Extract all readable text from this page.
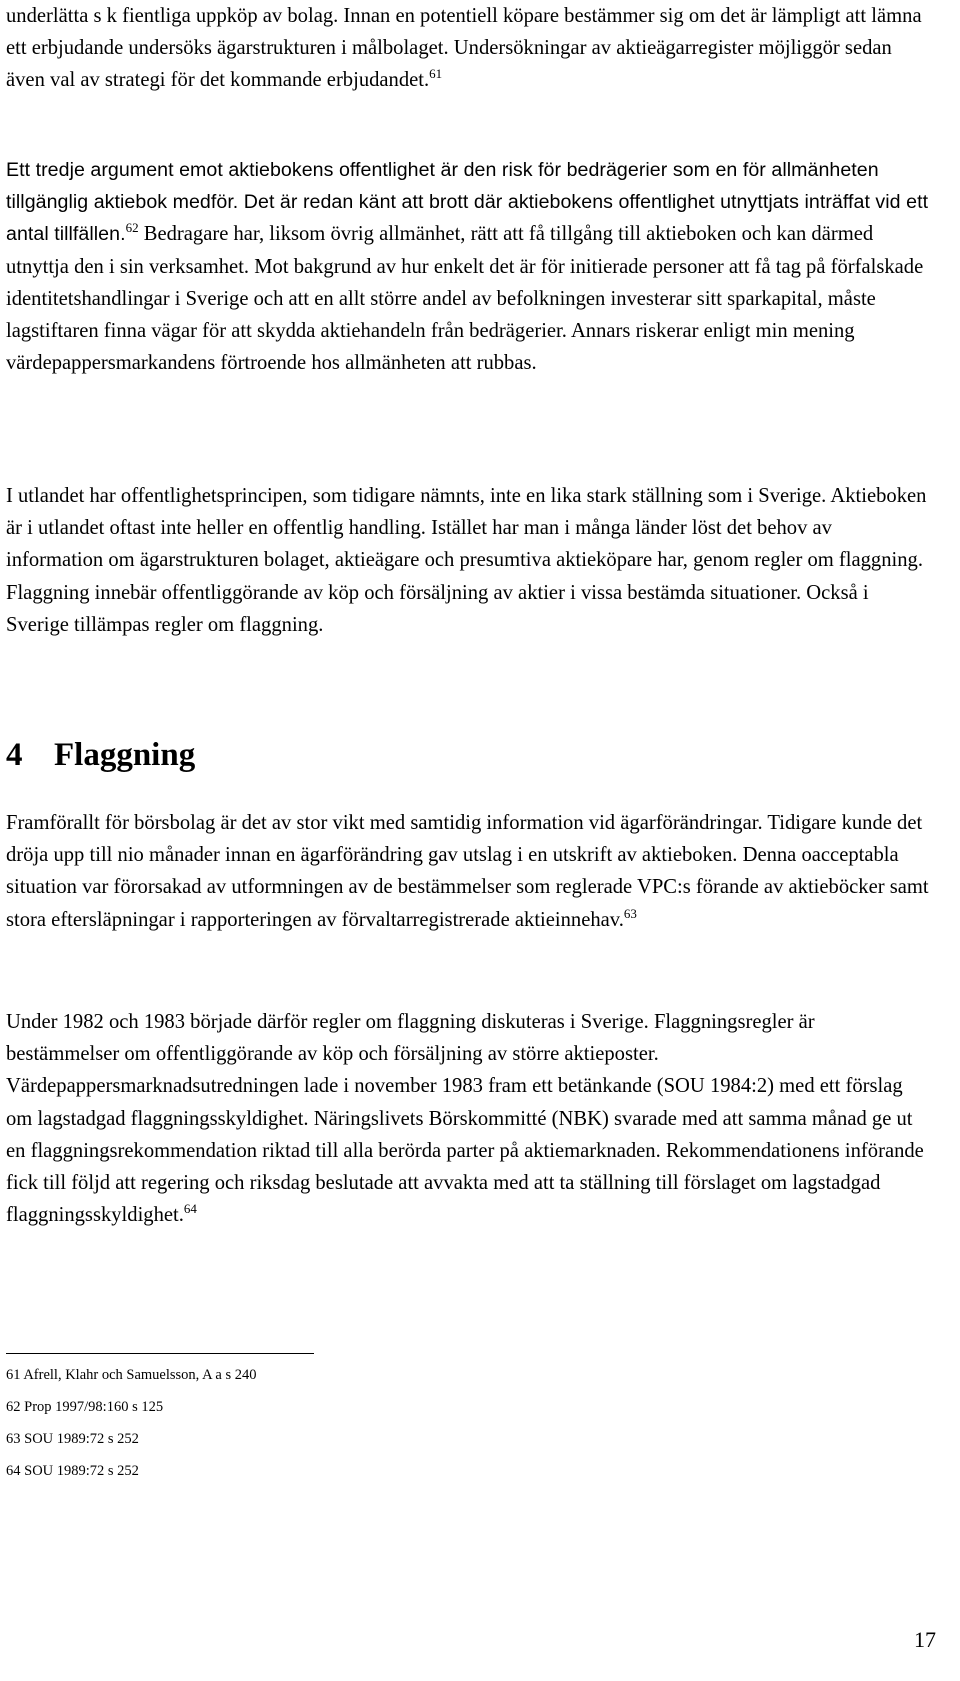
underlätta s k fientliga uppköp av bolag. Innan en potentiell köpare bestämmer sig om det är lämpligt att lämna ett erbjudande undersöks ägarstrukturen i målbolaget. Undersökningar av aktieägarregister möjliggör sedan även val av strategi för det kommande erbjudandet.$^{61}$

Ett tredje argument emot aktiebokens offentlighet är den risk för bedrägerier som en för allmänheten tillgänglig aktiebok medför. Det är redan känt att brott där aktiebokens offentlighet utnyttjats inträffat vid ett antal tillfällen.$^{62}$ Bedragare har, liksom övrig allmänhet, rätt att få tillgång till aktieboken och kan därmed utnyttja den i sin verksamhet. Mot bakgrund av hur enkelt det är för initierade personer att få tag på förfalskade identitetshandlingar i Sverige och att en allt större andel av befolkningen investerar sitt sparkapital, måste lagstiftaren finna vägar för att skydda aktiehandeln från bedrägerier. Annars riskerar enligt min mening värdepappersmarkandens förtroende hos allmänheten att rubbas.

I utlandet har offentlighetsprincipen, som tidigare nämnts, inte en lika stark ställning som i Sverige. Aktieboken är i utlandet oftast inte heller en offentlig handling. Istället har man i många länder löst det behov av information om ägarstrukturen bolaget, aktieägare och presumtiva aktieköpare har, genom regler om flaggning. Flaggning innebär offentliggörande av köp och försäljning av aktier i vissa bestämda situationer. Också i Sverige tillämpas regler om flaggning.

4 Flaggning

Framförallt för börsbolag är det av stor vikt med samtidig information vid ägarförändringar. Tidigare kunde det dröja upp till nio månader innan en ägarförändring gav utslag i en utskrift av aktieboken. Denna oacceptabla situation var förorsakad av utformningen av de bestämmelser som reglerade VPC:s förande av aktieböcker samt stora eftersläpningar i rapporteringen av förvaltarregistrerade aktieinnehav.$^{63}$

Under 1982 och 1983 började därför regler om flaggning diskuteras i Sverige. Flaggningsregler är bestämmelser om offentliggörande av köp och försäljning av större aktieposter. Värdepappersmarknadsutredningen lade i november 1983 fram ett betänkande (SOU 1984:2) med ett förslag om lagstadgad flaggningsskyldighet. Näringslivets Börskommitté (NBK) svarade med att samma månad ge ut en flaggningsrekommendation riktad till alla berörda parter på aktiemarknaden. Rekommendationens införande fick till följd att regering och riksdag beslutade att avvakta med att ta ställning till förslaget om lagstadgad flaggningsskyldighet.$^{64}$

61 Afrell, Klahr och Samuelsson, A a s 240

62 Prop 1997/98:160 s 125

63 SOU 1989:72 s 252

64 SOU 1989:72 s 252

17
